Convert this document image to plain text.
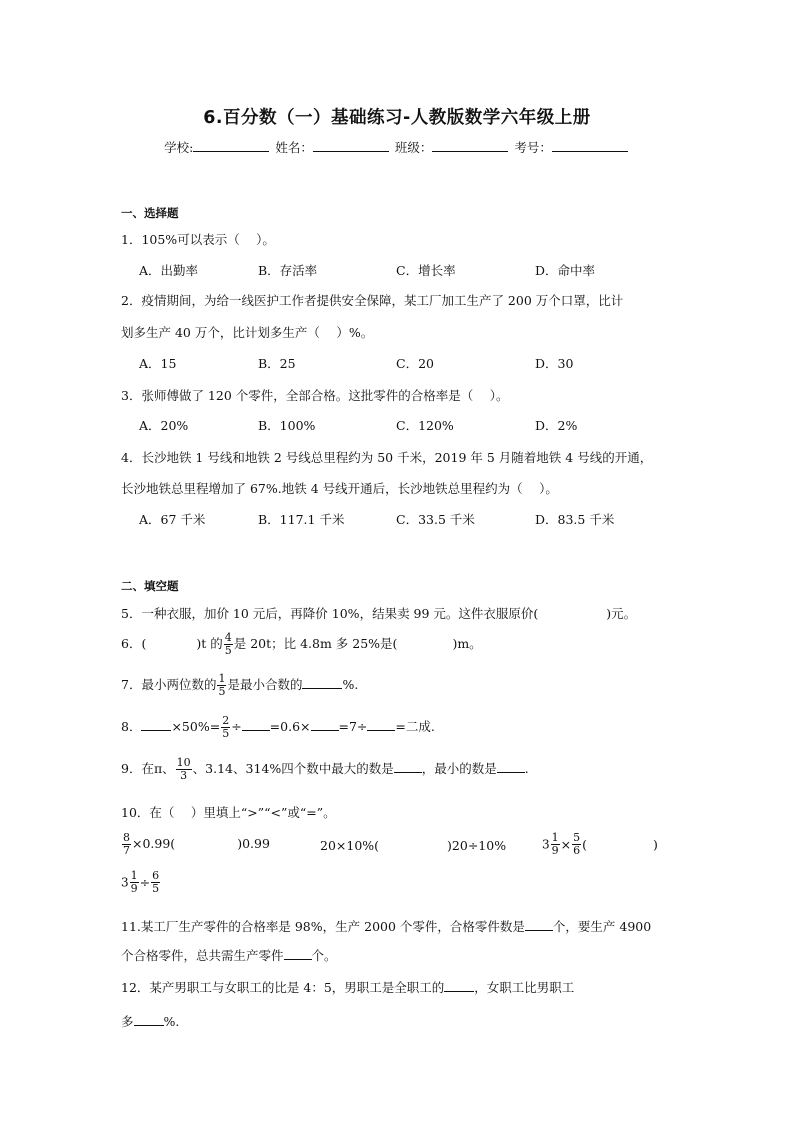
6.百分数（一）基础练习-人教版数学六年级上册
学校:	姓名：	班级：	考号：
一、选择题
1．105%可以表示（　 ）。
A．出勤率	B．存活率	C．增长率	D．命中率
2．疫情期间，为给一线医护工作者提供安全保障，某工厂加工生产了 200 万个口罩，比计
划多生产 40 万个，比计划多生产（　 ）%。
A．15	B．25	C．20	D．30
3．张师傅做了 120 个零件，全部合格。这批零件的合格率是（　 ）。
A．20%	B．100%	C．120%	D．2%
4．长沙地铁 1 号线和地铁 2 号线总里程约为 50 千米，2019 年 5 月随着地铁 4 号线的开通，
长沙地铁总里程增加了 67%.地铁 4 号线开通后，长沙地铁总里程约为（　 ）。
A．67 千米	B．117.1 千米	C．33.5 千米	D．83.5 千米
二、填空题
5．一种衣服，加价 10 元后，再降价 10%，结果卖 99 元。这件衣服原价(	)元。
6．(	)t 的 $\frac{4}{5}$ 是 20t；比 4.8m 多 25%是(	)m。
7．最小两位数的 $\frac{1}{5}$ 是最小合数的	%.
8． $\times 50\%= \frac{2}{5} \div =0.6\times =7\div$ =二成.
9．在π、 $\frac{10}{3}$ 、3.14、314%四个数中最大的数是 ，最小的数是 .
10．在（　 ）里填上“>”“<”或“=”。
$\frac{8}{7} \times 0.99$(	)0.99	20×10%(	)20÷10%	$3 \frac{1}{9} \times \frac{5}{6}$ (	)
$3 \frac{1}{9} \div \frac{6}{5}$
11.某工厂生产零件的合格率是 98%，生产 2000 个零件，合格零件数是 个，要生产 4900
个合格零件，总共需生产零件 个。
12．某产男职工与女职工的比是 4：5，男职工是全职工的 ，女职工比男职工
多 %.
